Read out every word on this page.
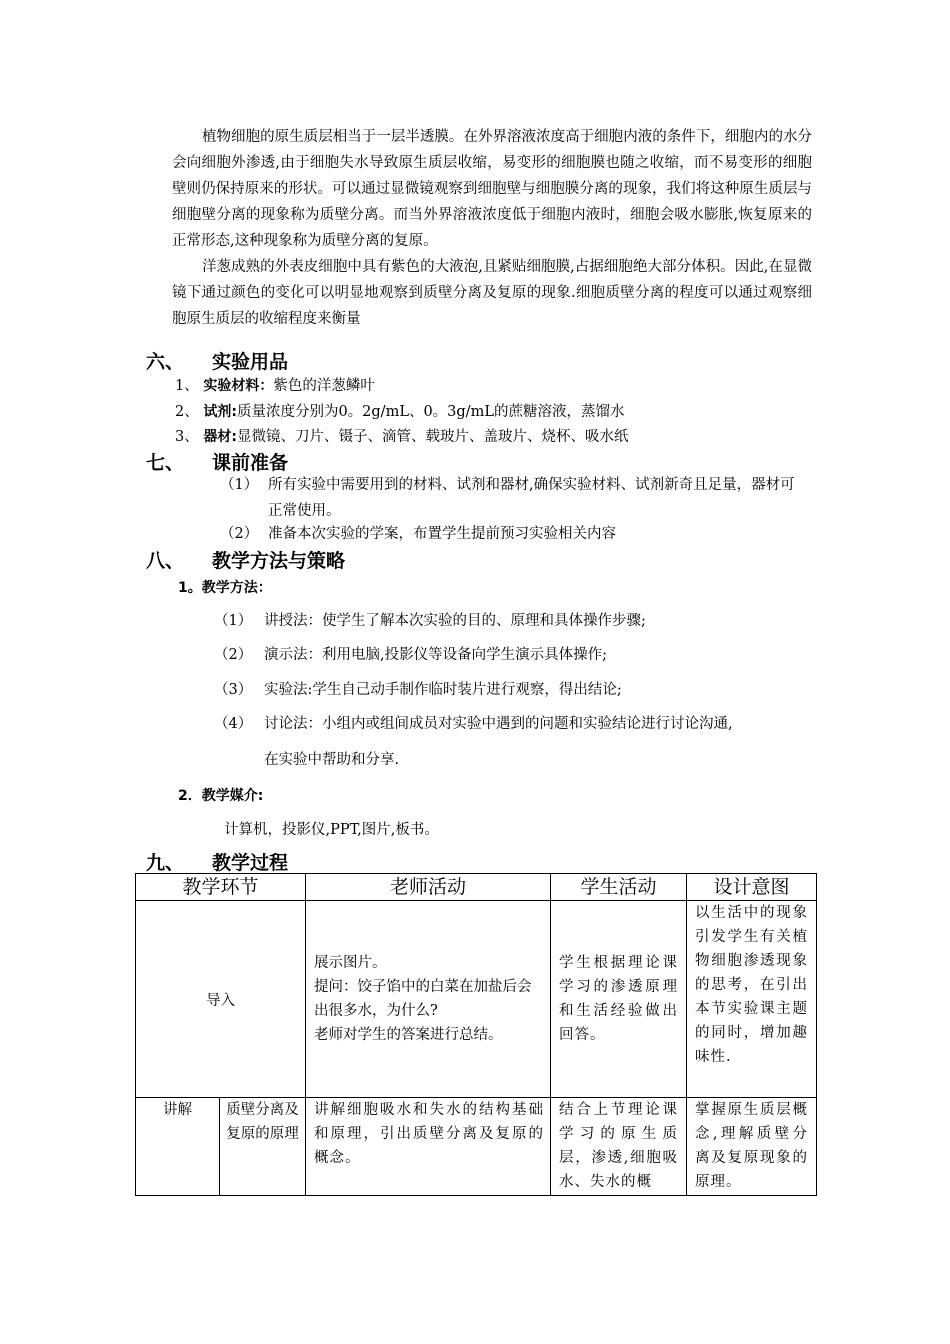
植物细胞的原生质层相当于一层半透膜。在外界溶液浓度高于细胞内液的条件下，细胞内的水分会向细胞外渗透,由于细胞失水导致原生质层收缩，易变形的细胞膜也随之收缩，而不易变形的细胞壁则仍保持原来的形状。可以通过显微镜观察到细胞壁与细胞膜分离的现象，我们将这种原生质层与细胞壁分离的现象称为质壁分离。而当外界溶液浓度低于细胞内液时，细胞会吸水膨胀,恢复原来的正常形态,这种现象称为质壁分离的复原。

洋葱成熟的外表皮细胞中具有紫色的大液泡,且紧贴细胞膜,占据细胞绝大部分体积。因此,在显微镜下通过颜色的变化可以明显地观察到质壁分离及复原的现象.细胞质壁分离的程度可以通过观察细胞原生质层的收缩程度来衡量

六、 实验用品
1、 实验材料：紫色的洋葱鳞叶
2、 试剂:质量浓度分别为0。2g/mL、0。3g/mL的蔗糖溶液，蒸馏水
3、 器材:显微镜、刀片、镊子、滴管、载玻片、盖玻片、烧杯、吸水纸
七、 课前准备
（1） 所有实验中需要用到的材料、试剂和器材,确保实验材料、试剂新奇且足量，器材可正常使用。
（2） 准备本次实验的学案，布置学生提前预习实验相关内容
八、 教学方法与策略
1。教学方法：
（1） 讲授法：使学生了解本次实验的目的、原理和具体操作步骤;
（2） 演示法：利用电脑,投影仪等设备向学生演示具体操作;
（3） 实验法:学生自己动手制作临时装片进行观察，得出结论;
（4） 讨论法：小组内或组间成员对实验中遇到的问题和实验结论进行讨论沟通,
在实验中帮助和分享.
2．教学媒介:
计算机，投影仪,PPT,图片,板书。
九、 教学过程
教学环节		老师活动	学生活动	设计意图
导入		展示图片。
提问：饺子馅中的白菜在加盐后会出很多水，为什么?
老师对学生的答案进行总结。	学生根据理论课学习的渗透原理和生活经验做出回答。	以生活中的现象引发学生有关植物细胞渗透现象的思考，在引出本节实验课主题的同时，增加趣味性.
讲解	质壁分离及复原的原理	讲解细胞吸水和失水的结构基础和原理，引出质壁分离及复原的概念。	结合上节理论课学习的原生质层，渗透,细胞吸水、失水的概	掌握原生质层概念,理解质壁分离及复原现象的原理。
